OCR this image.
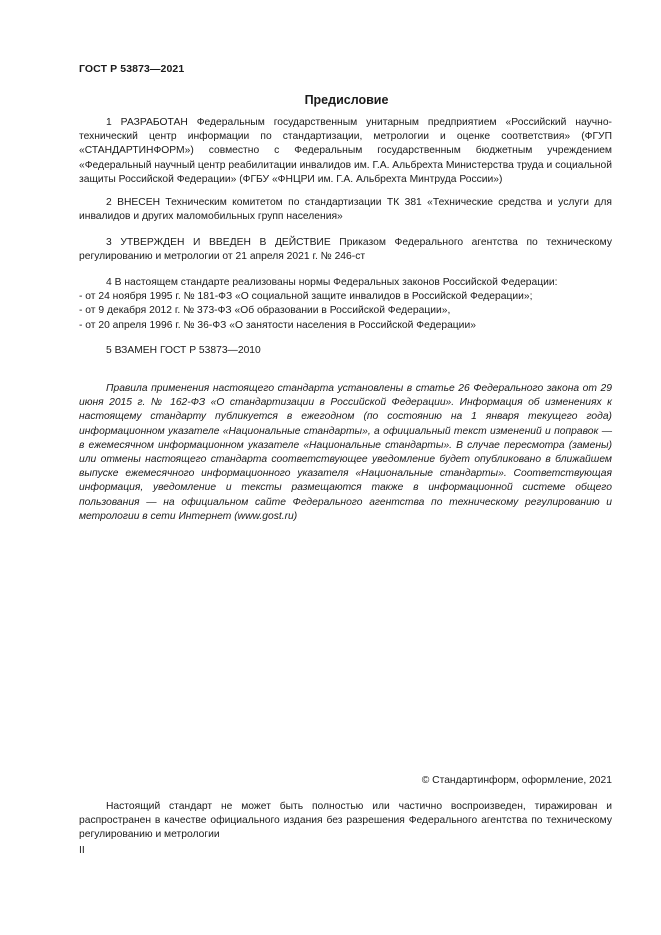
ГОСТ Р 53873—2021
Предисловие

1 РАЗРАБОТАН Федеральным государственным унитарным предприятием «Российский научно-технический центр информации по стандартизации, метрологии и оценке соответствия» (ФГУП «СТАНДАРТИНФОРМ») совместно с Федеральным государственным бюджетным учреждением «Федеральный научный центр реабилитации инвалидов им. Г.А. Альбрехта Министерства труда и социальной защиты Российской Федерации» (ФГБУ «ФНЦРИ им. Г.А. Альбрехта Минтруда России»)

2 ВНЕСЕН Техническим комитетом по стандартизации ТК 381 «Технические средства и услуги для инвалидов и других маломобильных групп населения»

3 УТВЕРЖДЕН И ВВЕДЕН В ДЕЙСТВИЕ Приказом Федерального агентства по техническому регулированию и метрологии от 21 апреля 2021 г. № 246-ст

4 В настоящем стандарте реализованы нормы Федеральных законов Российской Федерации:

- от 24 ноября 1995 г. № 181-ФЗ «О социальной защите инвалидов в Российской Федерации»;

- от 9 декабря 2012 г. № 373-ФЗ «Об образовании в Российской Федерации»,

- от 20 апреля 1996 г. № 36-ФЗ «О занятости населения в Российской Федерации»

5 ВЗАМЕН ГОСТ Р 53873—2010

Правила применения настоящего стандарта установлены в статье 26 Федерального закона от 29 июня 2015 г. № 162-ФЗ «О стандартизации в Российской Федерации». Информация об изменениях к настоящему стандарту публикуется в ежегодном (по состоянию на 1 января текущего года) информационном указателе «Национальные стандарты», а официальный текст изменений и поправок — в ежемесячном информационном указателе «Национальные стандарты». В случае пересмотра (замены) или отмены настоящего стандарта соответствующее уведомление будет опубликовано в ближайшем выпуске ежемесячного информационного указателя «Национальные стандарты». Соответствующая информация, уведомление и тексты размещаются также в информационной системе общего пользования — на официальном сайте Федерального агентства по техническому регулированию и метрологии в сети Интернет (www.gost.ru)

© Стандартинформ, оформление, 2021

Настоящий стандарт не может быть полностью или частично воспроизведен, тиражирован и распространен в качестве официального издания без разрешения Федерального агентства по техническому регулированию и метрологии

II
